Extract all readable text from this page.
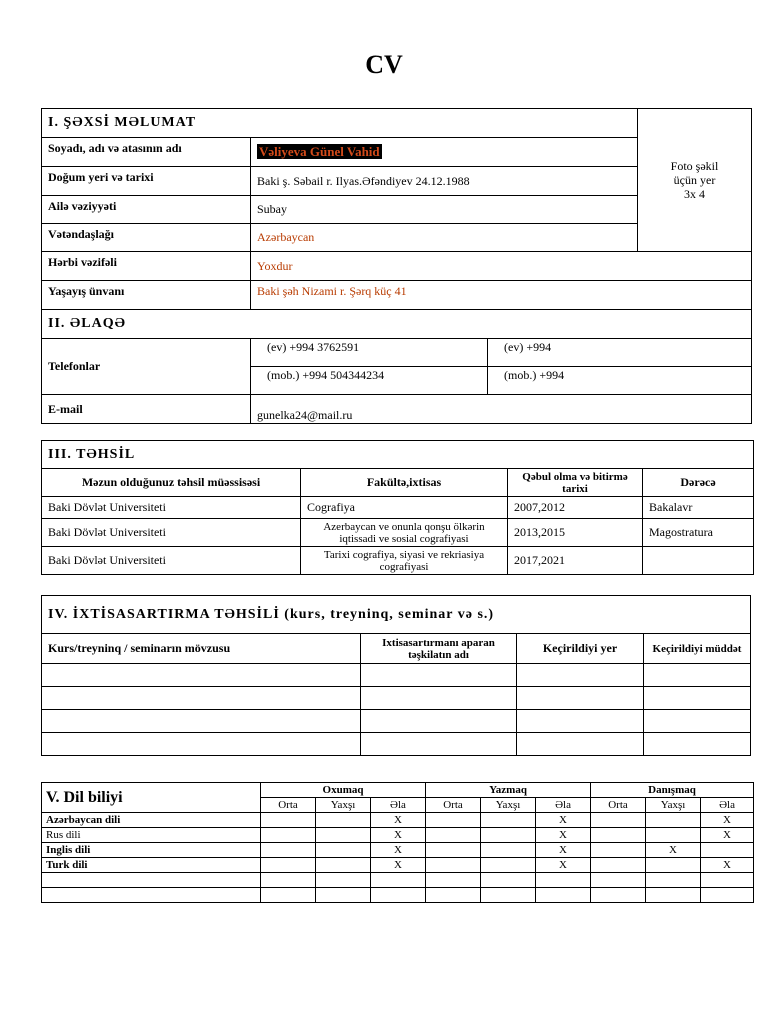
CV
I. ŞƏXSİ MƏLUMAT			Foto şəkil
üçün yer
3x 4
Soyadı, adı və atasının adı	Vəliyeva Günel Vahid		
Doğum yeri və tarixi	Baki ş. Səbail r. Ilyas.Əfəndiyev 24.12.1988		
Ailə vəziyyəti	Subay		
Vətəndaşlağı	Azərbaycan		
Hərbi vəzifəli	Yoxdur		
Yaşayış ünvanı	Baki şəh Nizami r. Şərq küç 41		
II. ƏLAQƏ			
Telefonlar	(ev) +994 3762591	(ev) +994	
	(mob.) +994 504344234	(mob.) +994	
E-mail	gunelka24@mail.ru		
III. TƏHSİL			
Məzun olduğunuz təhsil müəssisəsi	Fakültə,ixtisas	Qəbul olma və bitirmə tarixi	Dərəcə
Baki Dövlət Universiteti	Cografiya	2007,2012	Bakalavr
Baki Dövlət Universiteti	Azerbaycan ve onunla qonşu ölkərin iqtissadi ve sosial cografiyasi	2013,2015	Magostratura
Baki Dövlət Universiteti	Tarixi cografiya, siyasi ve rekriasiya cografiyasi	2017,2021	
IV. İXTİSASARTIRMA TƏHSİLİ (kurs, treyninq, seminar və s.)			
Kurs/treyninq / seminarın mövzusu	Ixtisasartırmanı aparan təşkilatın adı	Keçirildiyi yer	Keçirildiyi müddət

V. Dil biliyi	Oxumaq			Yazmaq			Danışmaq		
	Orta	Yaxşı	Əla	Orta	Yaxşı	Əla	Orta	Yaxşı	Əla
Azərbaycan dili			X			X			X
Rus dili			X			X			X
Inglis dili			X			X		X	
Turk dili			X			X			X
